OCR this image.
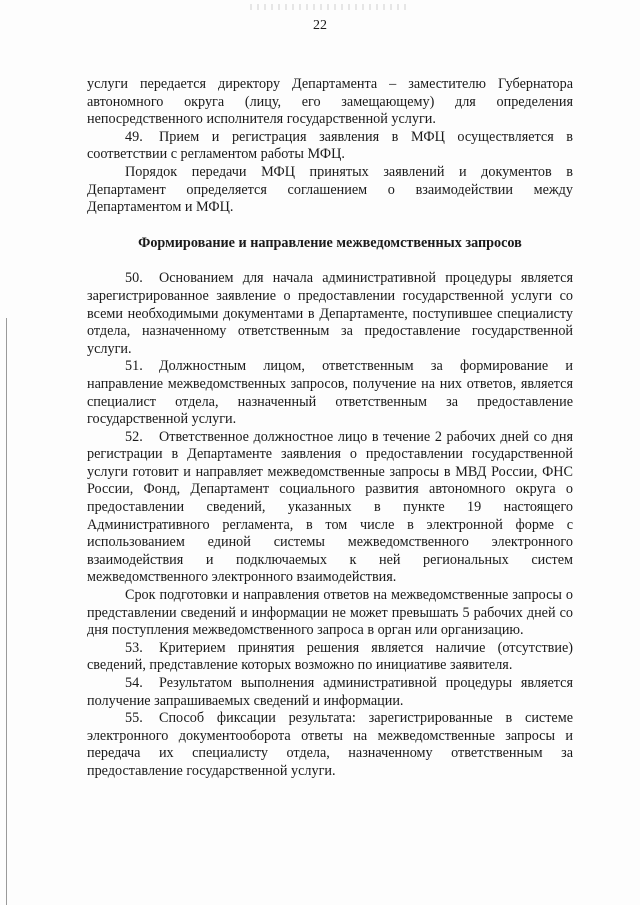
22

услуги передается директору Департамента – заместителю Губернатора автономного округа (лицу, его замещающему) для определения непосредственного исполнителя государственной услуги.

49. Прием и регистрация заявления в МФЦ осуществляется в соответствии с регламентом работы МФЦ.

Порядок передачи МФЦ принятых заявлений и документов в Департамент определяется соглашением о взаимодействии между Департаментом и МФЦ.

Формирование и направление межведомственных запросов

50. Основанием для начала административной процедуры является зарегистрированное заявление о предоставлении государственной услуги со всеми необходимыми документами в Департаменте, поступившее специалисту отдела, назначенному ответственным за предоставление государственной услуги.

51. Должностным лицом, ответственным за формирование и направление межведомственных запросов, получение на них ответов, является специалист отдела, назначенный ответственным за предоставление государственной услуги.

52. Ответственное должностное лицо в течение 2 рабочих дней со дня регистрации в Департаменте заявления о предоставлении государственной услуги готовит и направляет межведомственные запросы в МВД России, ФНС России, Фонд, Департамент социального развития автономного округа о предоставлении сведений, указанных в пункте 19 настоящего Административного регламента, в том числе в электронной форме с использованием единой системы межведомственного электронного взаимодействия и подключаемых к ней региональных систем межведомственного электронного взаимодействия.

Срок подготовки и направления ответов на межведомственные запросы о представлении сведений и информации не может превышать 5 рабочих дней со дня поступления межведомственного запроса в орган или организацию.

53. Критерием принятия решения является наличие (отсутствие) сведений, представление которых возможно по инициативе заявителя.

54. Результатом выполнения административной процедуры является получение запрашиваемых сведений и информации.

55. Способ фиксации результата: зарегистрированные в системе электронного документооборота ответы на межведомственные запросы и передача их специалисту отдела, назначенному ответственным за предоставление государственной услуги.
